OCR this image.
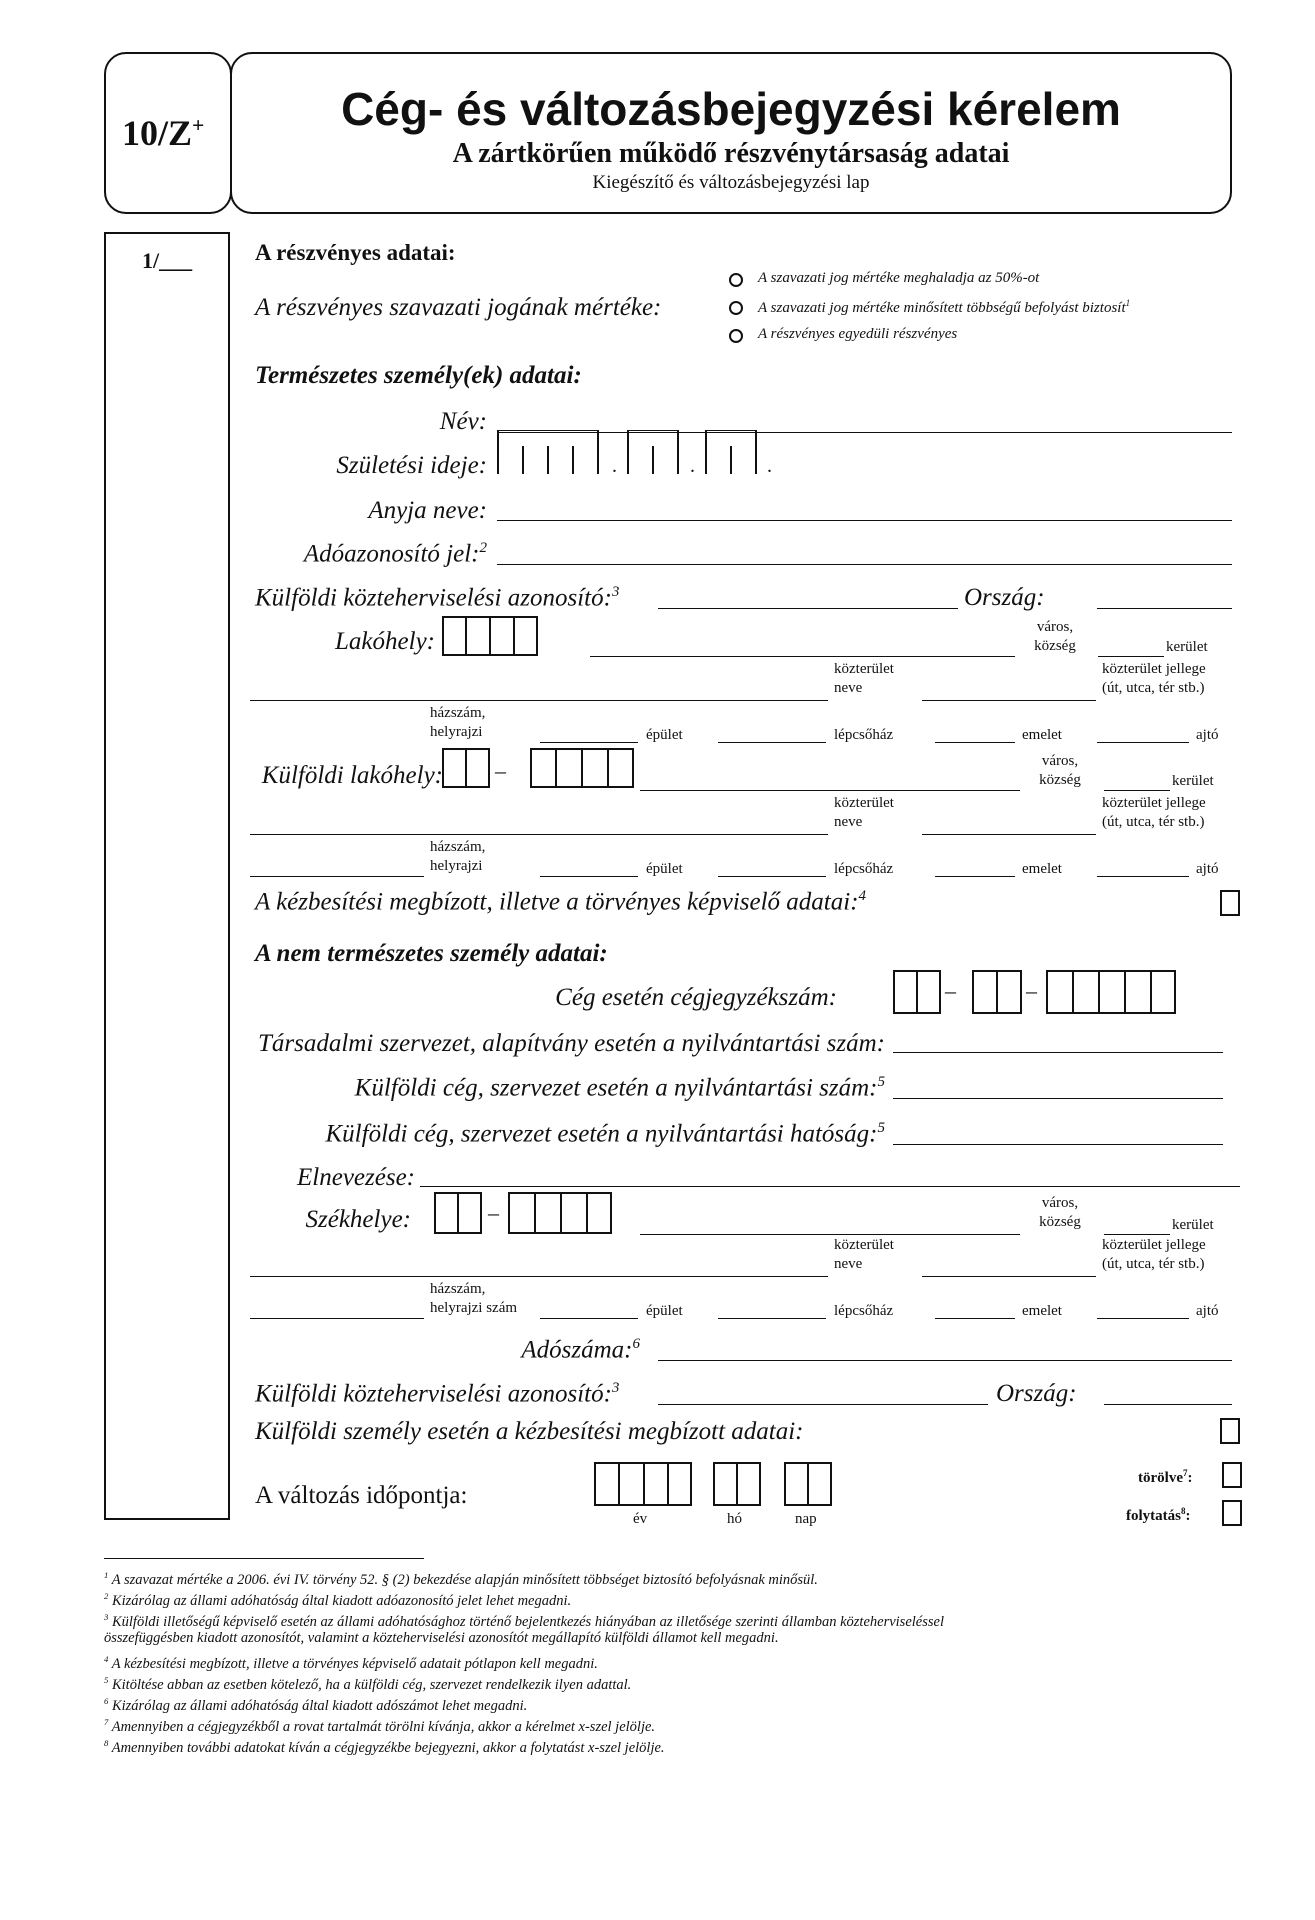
10/Z+	Cég- és változásbejegyzési kérelem
A zártkörűen működő részvénytársaság adatai
Kiegészítő és változásbejegyzési lap
1/___	A részvényes adatai:
A részvényes szavazati jogának mértéke:
A szavazati jog mértéke meghaladja az 50%-ot
A szavazati jog mértéke minősített többségű befolyást biztosít$^1$
A részvényes egyedüli részvényes
Természetes személy(ek) adatai:
Név:
Születési ideje:	.	.	.
Anyja neve:
Adóazonosító jel:$^2$
Külföldi közteherviselési azonosító:$^3$	Ország:
Lakóhely:
város,
község	kerület
közterület
neve
közterület jellege
(út, utca, tér stb.)
házszám,
helyrajzi	épület	lépcsőház	emelet	ajtó
Külföldi lakóhely: –	város,
község	kerület
közterület
neve
közterület jellege
(út, utca, tér stb.)
házszám,
helyrajzi	épület	lépcsőház	emelet	ajtó
A kézbesítési megbízott, illetve a törvényes képviselő adatai:$^4$
A nem természetes személy adatai:
Cég esetén cégjegyzékszám:	–	–
Társadalmi szervezet, alapítvány esetén a nyilvántartási szám:
Külföldi cég, szervezet esetén a nyilvántartási szám:$^5$
Külföldi cég, szervezet esetén a nyilvántartási hatóság:$^5$
Elnevezése:
Székhelye:	–	város,
község	kerület
közterület
neve
közterület jellege
(út, utca, tér stb.)
házszám,
helyrajzi szám	épület	lépcsőház	emelet	ajtó
Adószáma:$^6$
Külföldi közteherviselési azonosító:$^3$	Ország:
Külföldi személy esetén a kézbesítési megbízott adatai:
A változás időpontja:
év	hó	nap
törölve$^7$:
folytatás$^8$:
$^1$ A szavazat mértéke a 2006. évi IV. törvény 52. § (2) bekezdése alapján minősített többséget biztosító befolyásnak minősül.
$^2$ Kizárólag az állami adóhatóság által kiadott adóazonosító jelet lehet megadni.
$^3$ Külföldi illetőségű képviselő esetén az állami adóhatósághoz történő bejelentkezés hiányában az illetősége szerinti államban közteherviseléssel
összefüggésben kiadott azonosítót, valamint a közteherviselési azonosítót megállapító külföldi államot kell megadni.
$^4$ A kézbesítési megbízott, illetve a törvényes képviselő adatait pótlapon kell megadni.
$^5$ Kitöltése abban az esetben kötelező, ha a külföldi cég, szervezet rendelkezik ilyen adattal.
$^6$ Kizárólag az állami adóhatóság által kiadott adószámot lehet megadni.
$^7$ Amennyiben a cégjegyzékből a rovat tartalmát törölni kívánja, akkor a kérelmet x-szel jelölje.
$^8$ Amennyiben további adatokat kíván a cégjegyzékbe bejegyezni, akkor a folytatást x-szel jelölje.
